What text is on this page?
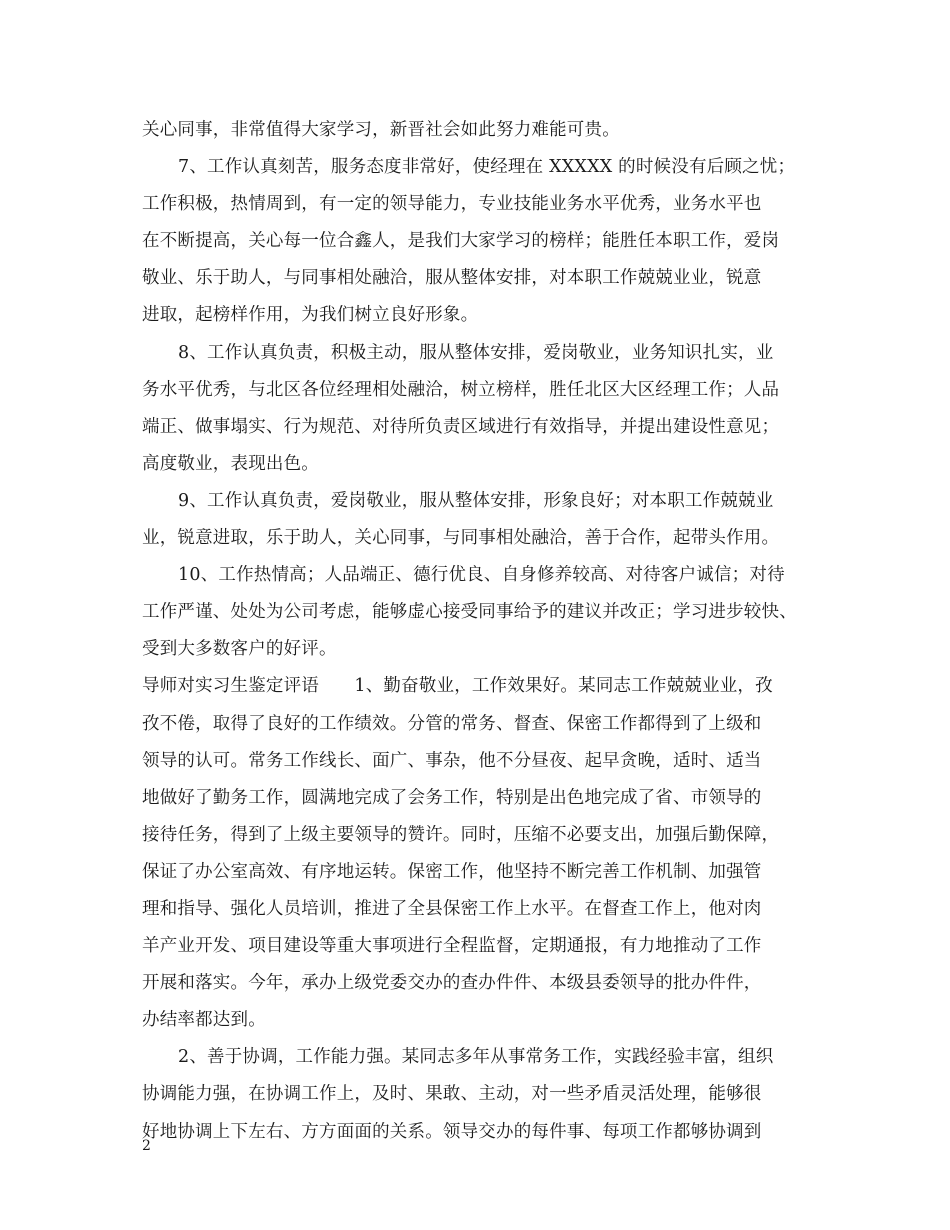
关心同事，非常值得大家学习，新晋社会如此努力难能可贵。
7、工作认真刻苦，服务态度非常好，使经理在 XXXXX 的时候没有后顾之忧；
工作积极，热情周到，有一定的领导能力，专业技能业务水平优秀，业务水平也
在不断提高，关心每一位合鑫人，是我们大家学习的榜样；能胜任本职工作，爱岗
敬业、乐于助人，与同事相处融洽，服从整体安排，对本职工作兢兢业业，锐意
进取，起榜样作用，为我们树立良好形象。
8、工作认真负责，积极主动，服从整体安排，爱岗敬业，业务知识扎实，业
务水平优秀，与北区各位经理相处融洽，树立榜样，胜任北区大区经理工作；人品
端正、做事塌实、行为规范、对待所负责区域进行有效指导，并提出建设性意见；
高度敬业，表现出色。
9、工作认真负责，爱岗敬业，服从整体安排，形象良好；对本职工作兢兢业
业，锐意进取，乐于助人，关心同事，与同事相处融洽，善于合作，起带头作用。
10、工作热情高；人品端正、德行优良、自身修养较高、对待客户诚信；对待
工作严谨、处处为公司考虑，能够虚心接受同事给予的建议并改正；学习进步较快、
受到大多数客户的好评。
导师对实习生鉴定评语　　1、勤奋敬业，工作效果好。某同志工作兢兢业业，孜
孜不倦，取得了良好的工作绩效。分管的常务、督查、保密工作都得到了上级和
领导的认可。常务工作线长、面广、事杂，他不分昼夜、起早贪晚，适时、适当
地做好了勤务工作，圆满地完成了会务工作，特别是出色地完成了省、市领导的
接待任务，得到了上级主要领导的赞许。同时，压缩不必要支出，加强后勤保障，
保证了办公室高效、有序地运转。保密工作，他坚持不断完善工作机制、加强管
理和指导、强化人员培训，推进了全县保密工作上水平。在督查工作上，他对肉
羊产业开发、项目建设等重大事项进行全程监督，定期通报，有力地推动了工作
开展和落实。今年，承办上级党委交办的查办件件、本级县委领导的批办件件，
办结率都达到。
2、善于协调，工作能力强。某同志多年从事常务工作，实践经验丰富，组织
协调能力强，在协调工作上，及时、果敢、主动，对一些矛盾灵活处理，能够很
好地协调上下左右、方方面面的关系。领导交办的每件事、每项工作都够协调到
2
